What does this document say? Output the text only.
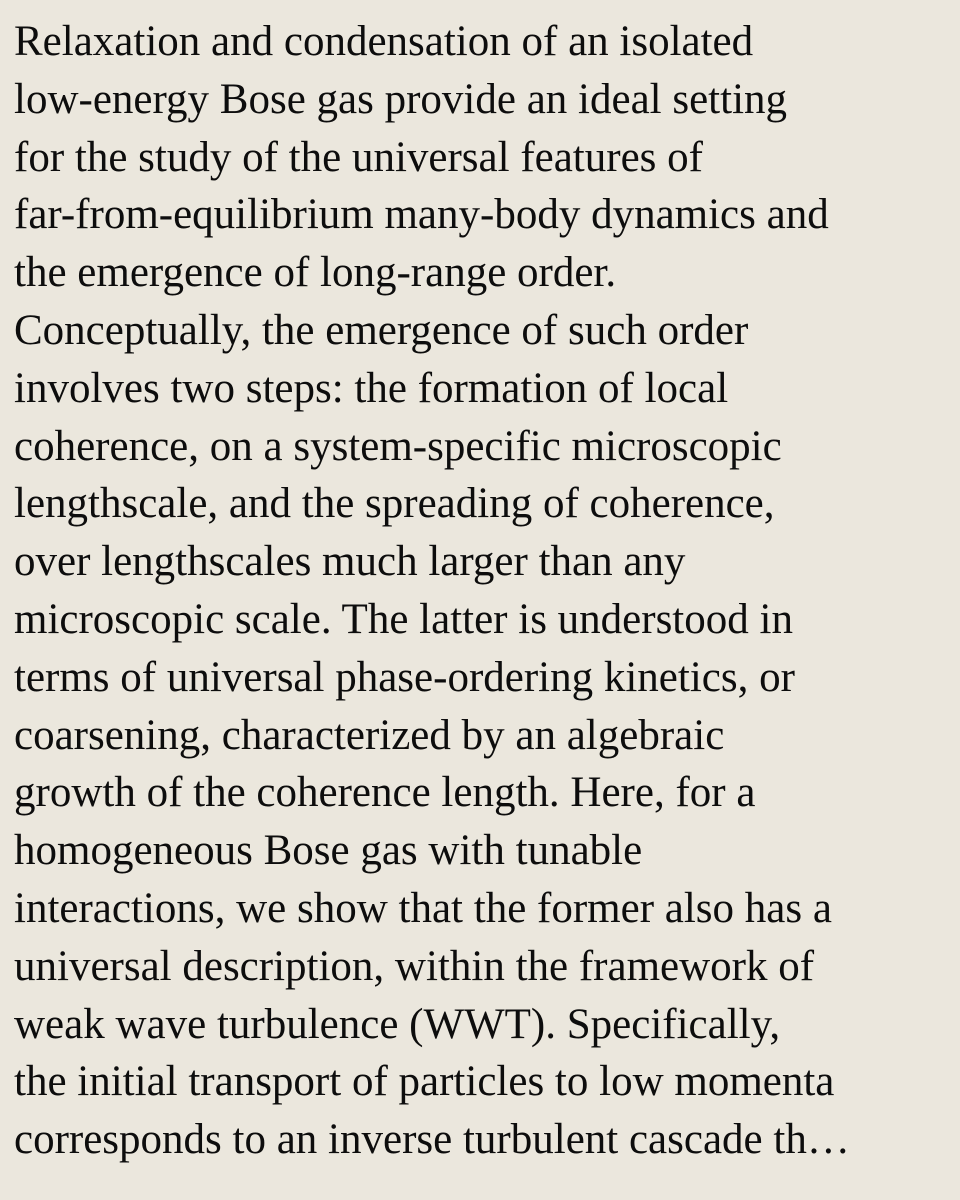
Relaxation and condensation of an isolated
low-energy Bose gas provide an ideal setting
for the study of the universal features of
far-from-equilibrium many-body dynamics and
the emergence of long-range order.
Conceptually, the emergence of such order
involves two steps: the formation of local
coherence, on a system-specific microscopic
lengthscale, and the spreading of coherence,
over lengthscales much larger than any
microscopic scale. The latter is understood in
terms of universal phase-ordering kinetics, or
coarsening, characterized by an algebraic
growth of the coherence length. Here, for a
homogeneous Bose gas with tunable
interactions, we show that the former also has a
universal description, within the framework of
weak wave turbulence (WWT). Specifically,
the initial transport of particles to low momenta
corresponds to an inverse turbulent cascade th…
